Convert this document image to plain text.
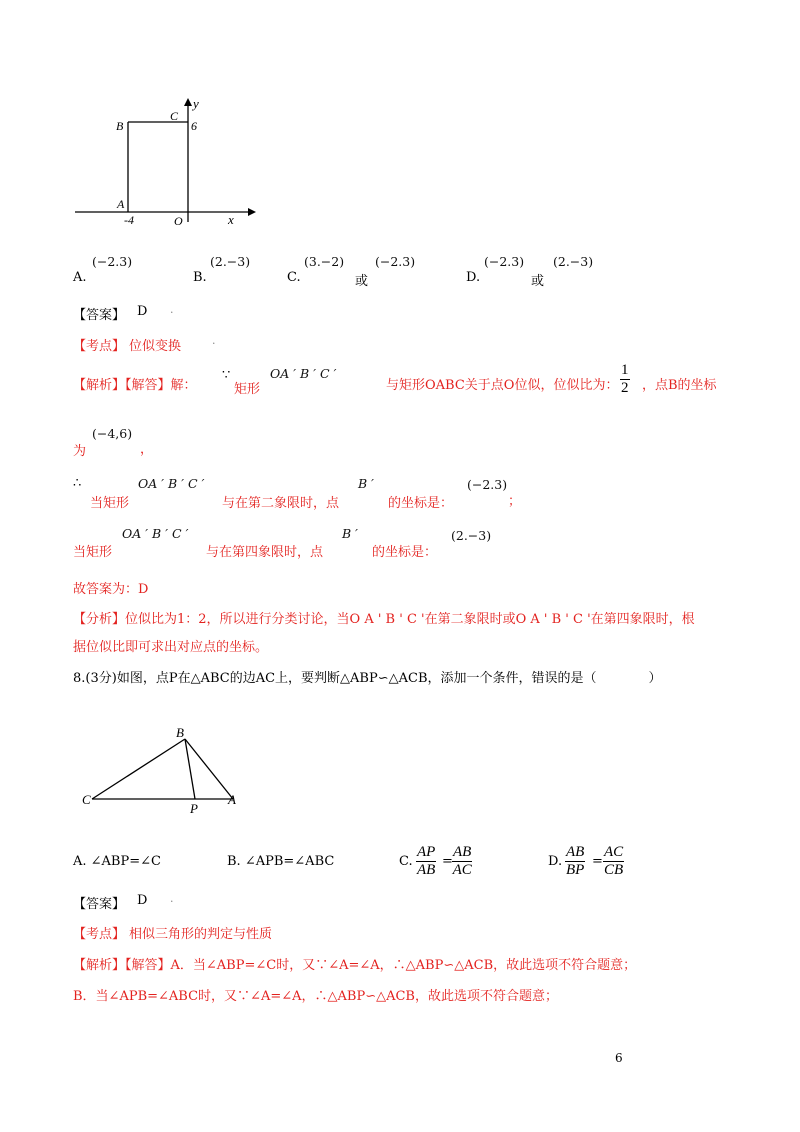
y
x
B
C
6
A
-4	O
A.
(−2.3)
B.
(2.−3)
C.
(3.−2)
或
(−2.3)
D.
(−2.3)
或
(2.−3)
【答案】 D ·
【考点】 位似变换	·
【解析】【解答】解：
∵
矩形
OA ′ B ′ C ′
与矩形OABC关于点O位似，位似比为： $\frac{1}{2}$ ，点B的坐标
为
(−4,6)
，
∴
当矩形
OA ′ B ′ C ′
与在第二象限时，点
B ′
的坐标是：
(−2.3)
；
当矩形
OA ′ B ′ C ′
与在第四象限时，点
B ′
的坐标是：
(2.−3)
故答案为：D
【分析】位似比为1：2，所以进行分类讨论，当O A ' B ' C '在第二象限时或O A ' B ' C '在第四象限时，根
据位似比即可求出对应点的坐标。
8.(3分)如图，点P在△ABC的边AC上，要判断△ABP∽△ACB，添加一个条件，错误的是（　　　　）
B
C
P
A
A. ∠ABP=∠C	B. ∠APB=∠ABC	C. $\frac{AP}{AB} = \frac{AB}{AC}$	D. $\frac{AB}{BP} = \frac{AC}{CB}$
【答案】 D ·
【考点】 相似三角形的判定与性质
【解析】【解答】A．当∠ABP=∠C时，又∵∠A=∠A，∴△ABP∽△ACB，故此选项不符合题意；
B．当∠APB=∠ABC时，又∵∠A=∠A，∴△ABP∽△ACB，故此选项不符合题意；
6
